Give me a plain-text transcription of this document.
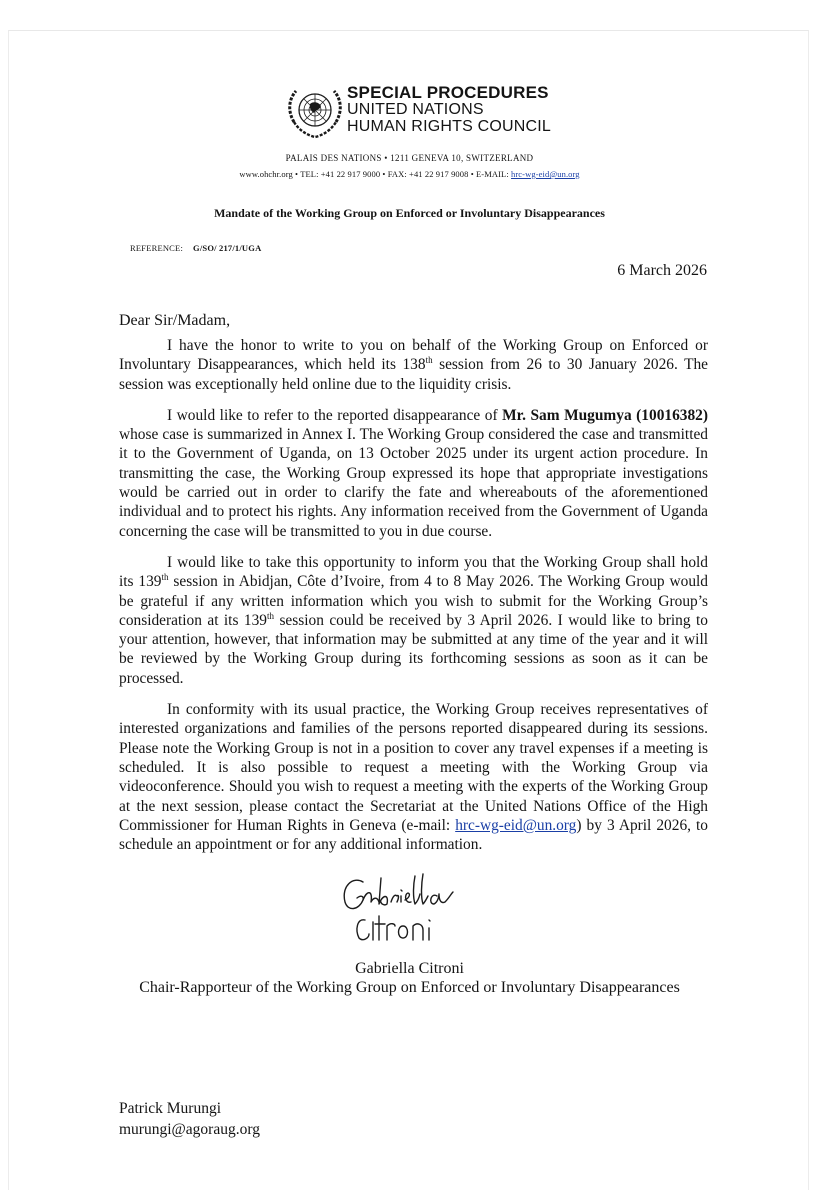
SPECIAL PROCEDURES
UNITED NATIONS
HUMAN RIGHTS COUNCIL
PALAIS DES NATIONS • 1211 GENEVA 10, SWITZERLAND
www.ohchr.org • TEL: +41 22 917 9000 • FAX: +41 22 917 9008 • E-MAIL: hrc-wg-eid@un.org
Mandate of the Working Group on Enforced or Involuntary Disappearances
REFERENCE: G/SO/ 217/1/UGA
6 March 2026
Dear Sir/Madam,

I have the honor to write to you on behalf of the Working Group on Enforced or Involuntary Disappearances, which held its 138th session from 26 to 30 January 2026. The session was exceptionally held online due to the liquidity crisis.

I would like to refer to the reported disappearance of Mr. Sam Mugumya (10016382) whose case is summarized in Annex I. The Working Group considered the case and transmitted it to the Government of Uganda, on 13 October 2025 under its urgent action procedure. In transmitting the case, the Working Group expressed its hope that appropriate investigations would be carried out in order to clarify the fate and whereabouts of the aforementioned individual and to protect his rights. Any information received from the Government of Uganda concerning the case will be transmitted to you in due course.

I would like to take this opportunity to inform you that the Working Group shall hold its 139th session in Abidjan, Côte d’Ivoire, from 4 to 8 May 2026. The Working Group would be grateful if any written information which you wish to submit for the Working Group’s consideration at its 139th session could be received by 3 April 2026. I would like to bring to your attention, however, that information may be submitted at any time of the year and it will be reviewed by the Working Group during its forthcoming sessions as soon as it can be processed.

In conformity with its usual practice, the Working Group receives representatives of interested organizations and families of the persons reported disappeared during its sessions. Please note the Working Group is not in a position to cover any travel expenses if a meeting is scheduled. It is also possible to request a meeting with the Working Group via videoconference. Should you wish to request a meeting with the experts of the Working Group at the next session, please contact the Secretariat at the United Nations Office of the High Commissioner for Human Rights in Geneva (e-mail: hrc-wg-eid@un.org) by 3 April 2026, to schedule an appointment or for any additional information.

Gabriella Citroni
Chair-Rapporteur of the Working Group on Enforced or Involuntary Disappearances
Patrick Murungi
murungi@agoraug.org
